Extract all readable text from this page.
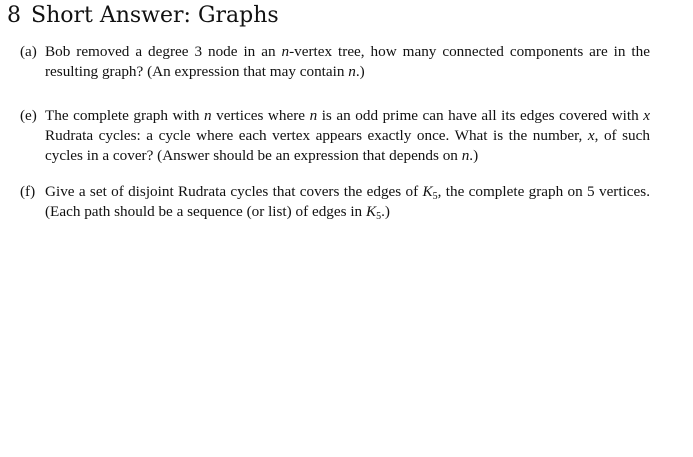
8 Short Answer: Graphs
(a) Bob removed a degree 3 node in an n-vertex tree, how many connected components are in the resulting graph? (An expression that may contain n.)
(e) The complete graph with n vertices where n is an odd prime can have all its edges covered with x Rudrata cycles: a cycle where each vertex appears exactly once. What is the number, x, of such cycles in a cover? (Answer should be an expression that depends on n.)
(f) Give a set of disjoint Rudrata cycles that covers the edges of $K_5$, the complete graph on 5 vertices. (Each path should be a sequence (or list) of edges in $K_5$.)
